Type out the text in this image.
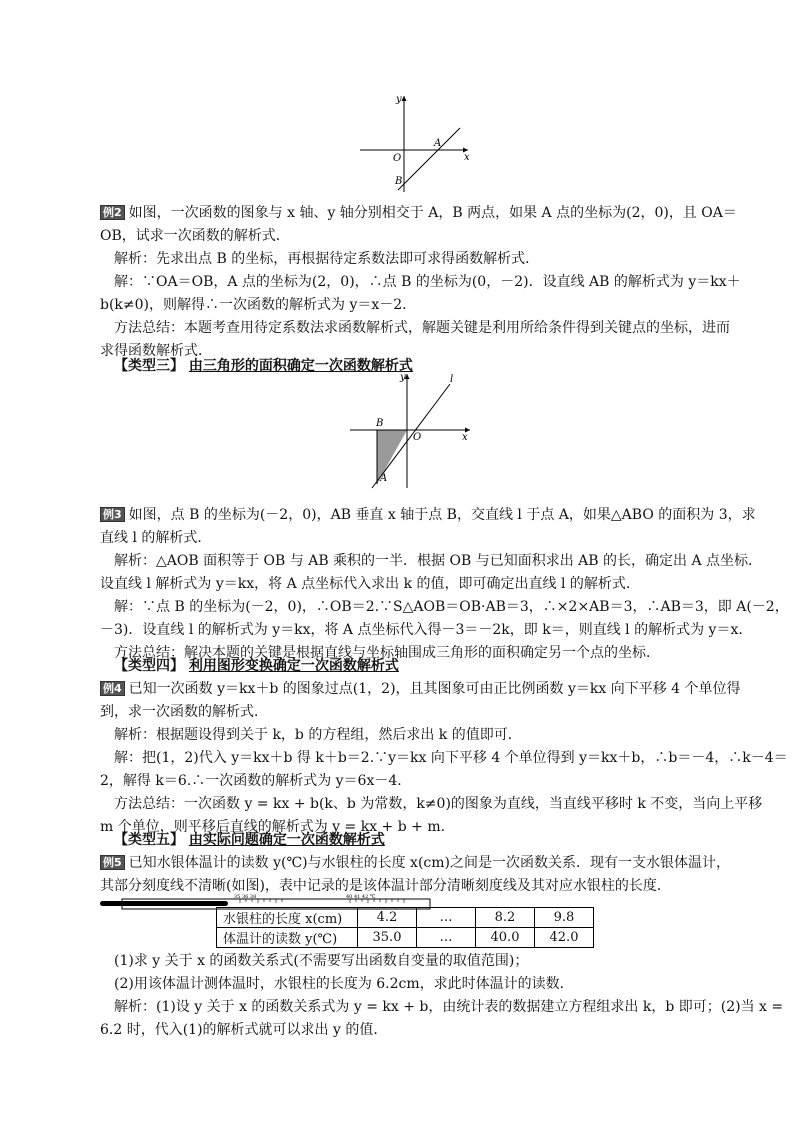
y
x
O
A
B
例2 如图，一次函数的图象与 x 轴、y 轴分别相交于 A，B 两点，如果 A 点的坐标为(2，0)，且 OA＝
OB，试求一次函数的解析式．
解析：先求出点 B 的坐标，再根据待定系数法即可求得函数解析式．
解：∵OA＝OB，A 点的坐标为(2，0)，∴点 B 的坐标为(0，－2)．设直线 AB 的解析式为 y＝kx＋
b(k≠0)，则解得∴一次函数的解析式为 y＝x－2．
方法总结：本题考查用待定系数法求函数解析式，解题关键是利用所给条件得到关键点的坐标，进而
求得函数解析式．
【类型三】 由三角形的面积确定一次函数解析式
y	l
B
O	x
A
例3 如图，点 B 的坐标为(－2，0)，AB 垂直 x 轴于点 B，交直线 l 于点 A，如果△ABO 的面积为 3，求
直线 l 的解析式．
解析：△AOB 面积等于 OB 与 AB 乘积的一半．根据 OB 与已知面积求出 AB 的长，确定出 A 点坐标．
设直线 l 解析式为 y＝kx，将 A 点坐标代入求出 k 的值，即可确定出直线 l 的解析式．
解：∵点 B 的坐标为(－2，0)，∴OB＝2.∵S△AOB＝OB·AB＝3，∴×2×AB＝3，∴AB＝3，即 A(－2，
－3)．设直线 l 的解析式为 y＝kx，将 A 点坐标代入得－3＝－2k，即 k＝，则直线 l 的解析式为 y＝x．
方法总结：解决本题的关键是根据直线与坐标轴围成三角形的面积确定另一个点的坐标．
【类型四】 利用图形变换确定一次函数解析式
例4 已知一次函数 y＝kx＋b 的图象过点(1，2)，且其图象可由正比例函数 y＝kx 向下平移 4 个单位得
到，求一次函数的解析式．
解析：根据题设得到关于 k，b 的方程组，然后求出 k 的值即可．
解：把(1，2)代入 y＝kx＋b 得 k＋b＝2.∵y＝kx 向下平移 4 个单位得到 y＝kx＋b，∴b＝－4，∴k－4＝
2，解得 k＝6.∴一次函数的解析式为 y＝6x－4.
方法总结：一次函数 y = kx + b(k、b 为常数，k≠0)的图象为直线，当直线平移时 k 不变，当向上平移
m 个单位，则平移后直线的解析式为 y = kx + b + m.
【类型五】 由实际问题确定一次函数解析式
例5 已知水银体温计的读数 y(℃)与水银柱的长度 x(cm)之间是一次函数关系．现有一支水银体温计，
其部分刻度线不清晰(如图)，表中记录的是该体温计部分清晰刻度线及其对应水银柱的长度．
35 36 38	40 41 42 ℃
水银柱的长度 x(cm)	4.2	…	8.2	9.8
体温计的读数 y(℃)	35.0	…	40.0	42.0
(1)求 y 关于 x 的函数关系式(不需要写出函数自变量的取值范围)；
(2)用该体温计测体温时，水银柱的长度为 6.2cm，求此时体温计的读数．
解析：(1)设 y 关于 x 的函数关系式为 y = kx + b，由统计表的数据建立方程组求出 k，b 即可；(2)当 x =
6.2 时，代入(1)的解析式就可以求出 y 的值．
